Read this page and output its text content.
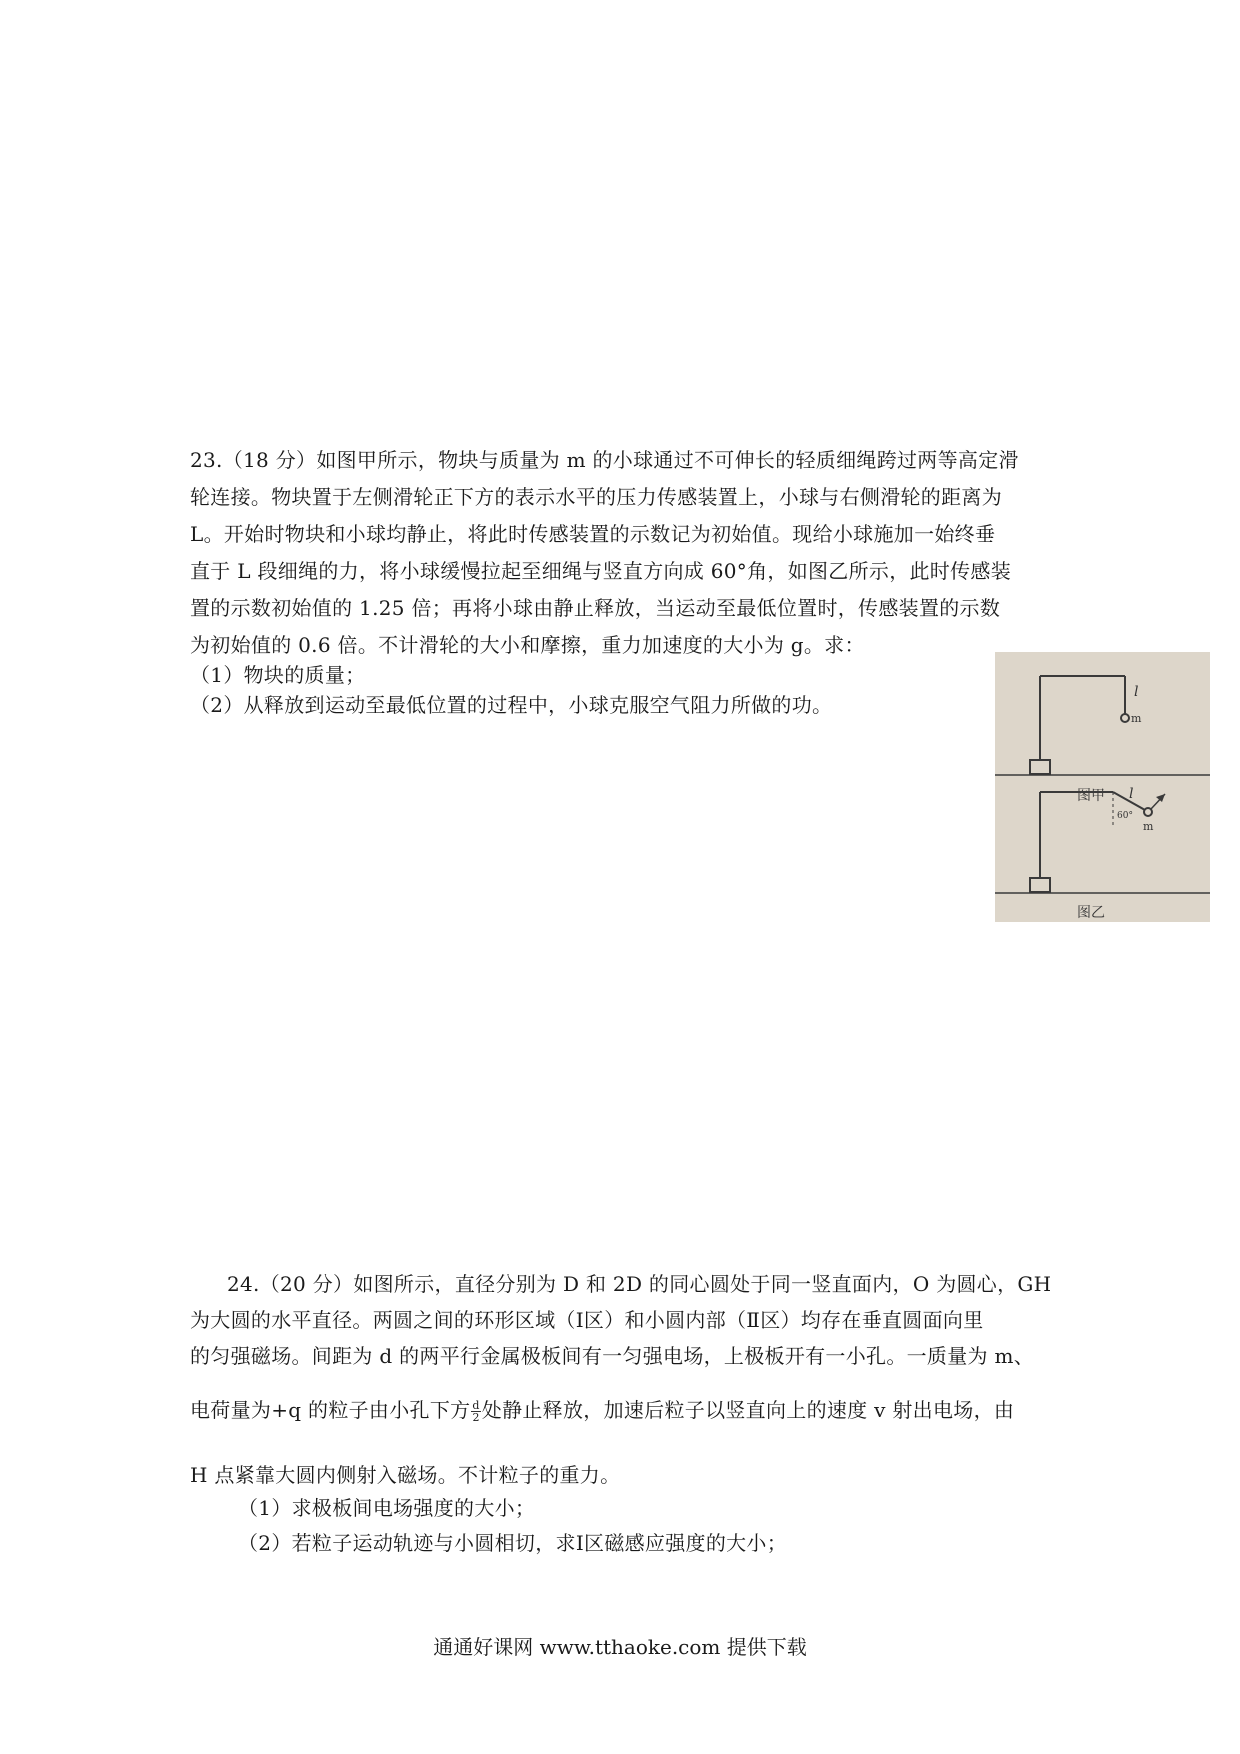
23.（18 分）如图甲所示，物块与质量为 m 的小球通过不可伸长的轻质细绳跨过两等高定滑
轮连接。物块置于左侧滑轮正下方的表示水平的压力传感装置上，小球与右侧滑轮的距离为
L。开始时物块和小球均静止，将此时传感装置的示数记为初始值。现给小球施加一始终垂
直于 L 段细绳的力，将小球缓慢拉起至细绳与竖直方向成 60°角，如图乙所示，此时传感装
置的示数初始值的 1.25 倍；再将小球由静止释放，当运动至最低位置时，传感装置的示数
为初始值的 0.6 倍。不计滑轮的大小和摩擦，重力加速度的大小为 g。求：
（1）物块的质量；
（2）从释放到运动至最低位置的过程中，小球克服空气阻力所做的功。
l
m
图甲 l
60°
m
图乙
24.（20 分）如图所示，直径分别为 D 和 2D 的同心圆处于同一竖直面内，O 为圆心，GH
为大圆的水平直径。两圆之间的环形区域（Ⅰ区）和小圆内部（Ⅱ区）均存在垂直圆面向里
的匀强磁场。间距为 d 的两平行金属极板间有一匀强电场，上极板开有一小孔。一质量为 m、
电荷量为+q 的粒子由小孔下方 $\frac{d}{2}$ 处静止释放，加速后粒子以竖直向上的速度 v 射出电场，由
H 点紧靠大圆内侧射入磁场。不计粒子的重力。
（1）求极板间电场强度的大小；
（2）若粒子运动轨迹与小圆相切，求Ⅰ区磁感应强度的大小；
通通好课网 www.tthaoke.com 提供下载
